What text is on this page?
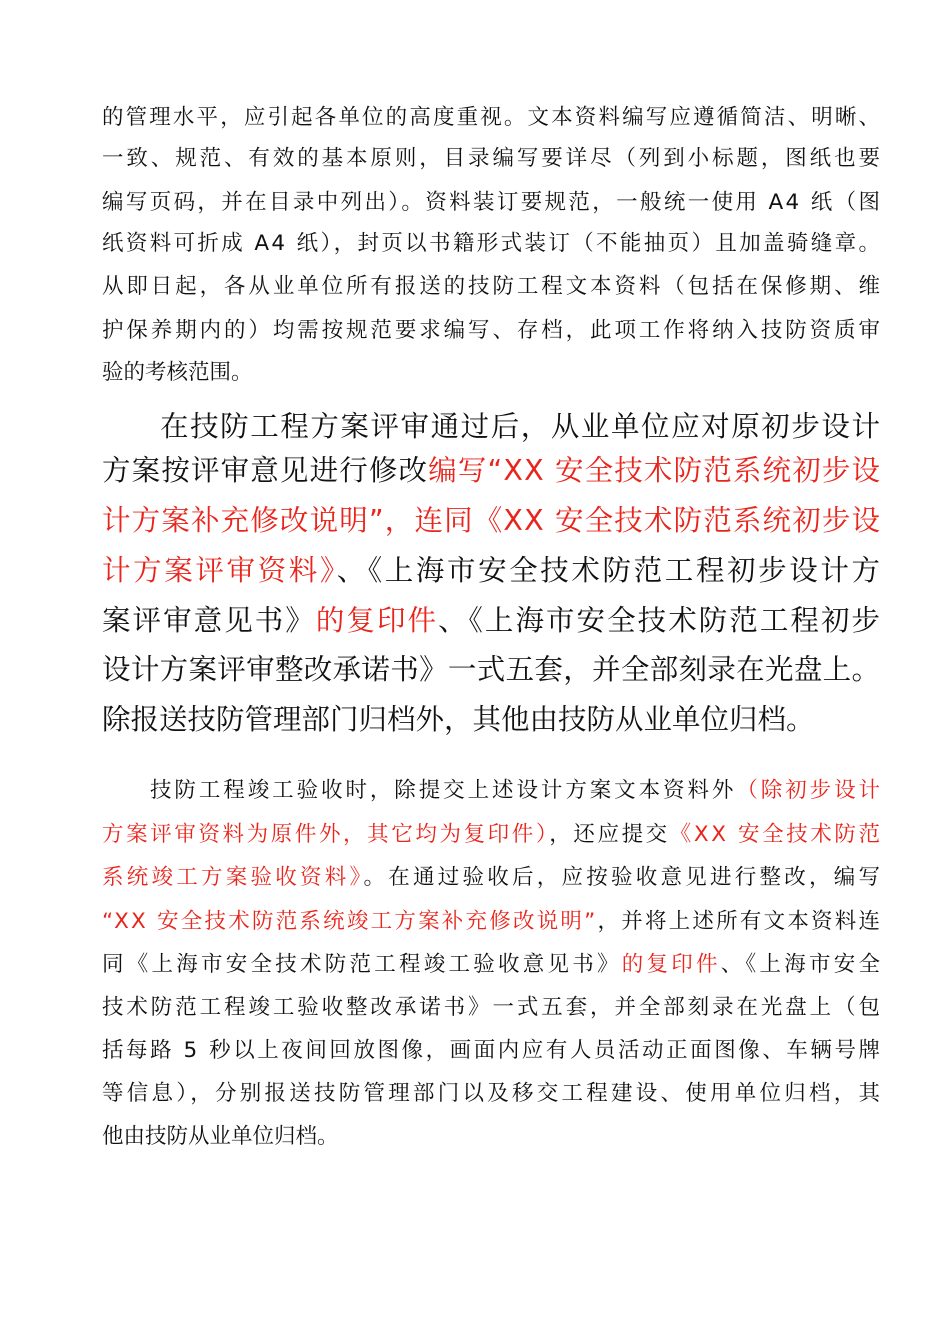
的管理水平，应引起各单位的高度重视。文本资料编写应遵循简洁、明晰、
一致、规范、有效的基本原则，目录编写要详尽（列到小标题，图纸也要
编写页码，并在目录中列出）。资料装订要规范，一般统一使用 A4 纸（图
纸资料可折成 A4 纸），封页以书籍形式装订（不能抽页）且加盖骑缝章。
从即日起，各从业单位所有报送的技防工程文本资料（包括在保修期、维
护保养期内的）均需按规范要求编写、存档，此项工作将纳入技防资质审
验的考核范围。
在技防工程方案评审通过后，从业单位应对原初步设计
方案按评审意见进行修改编写“XX 安全技术防范系统初步设
计方案补充修改说明”，连同《XX 安全技术防范系统初步设
计方案评审资料》、《上海市安全技术防范工程初步设计方
案评审意见书》的复印件、《上海市安全技术防范工程初步
设计方案评审整改承诺书》一式五套，并全部刻录在光盘上。
除报送技防管理部门归档外，其他由技防从业单位归档。
技防工程竣工验收时，除提交上述设计方案文本资料外（除初步设计
方案评审资料为原件外，其它均为复印件），还应提交《XX 安全技术防范
系统竣工方案验收资料》。在通过验收后，应按验收意见进行整改，编写
“XX 安全技术防范系统竣工方案补充修改说明”，并将上述所有文本资料连
同《上海市安全技术防范工程竣工验收意见书》的复印件、《上海市安全
技术防范工程竣工验收整改承诺书》一式五套，并全部刻录在光盘上（包
括每路 5 秒以上夜间回放图像，画面内应有人员活动正面图像、车辆号牌
等信息），分别报送技防管理部门以及移交工程建设、使用单位归档，其
他由技防从业单位归档。
